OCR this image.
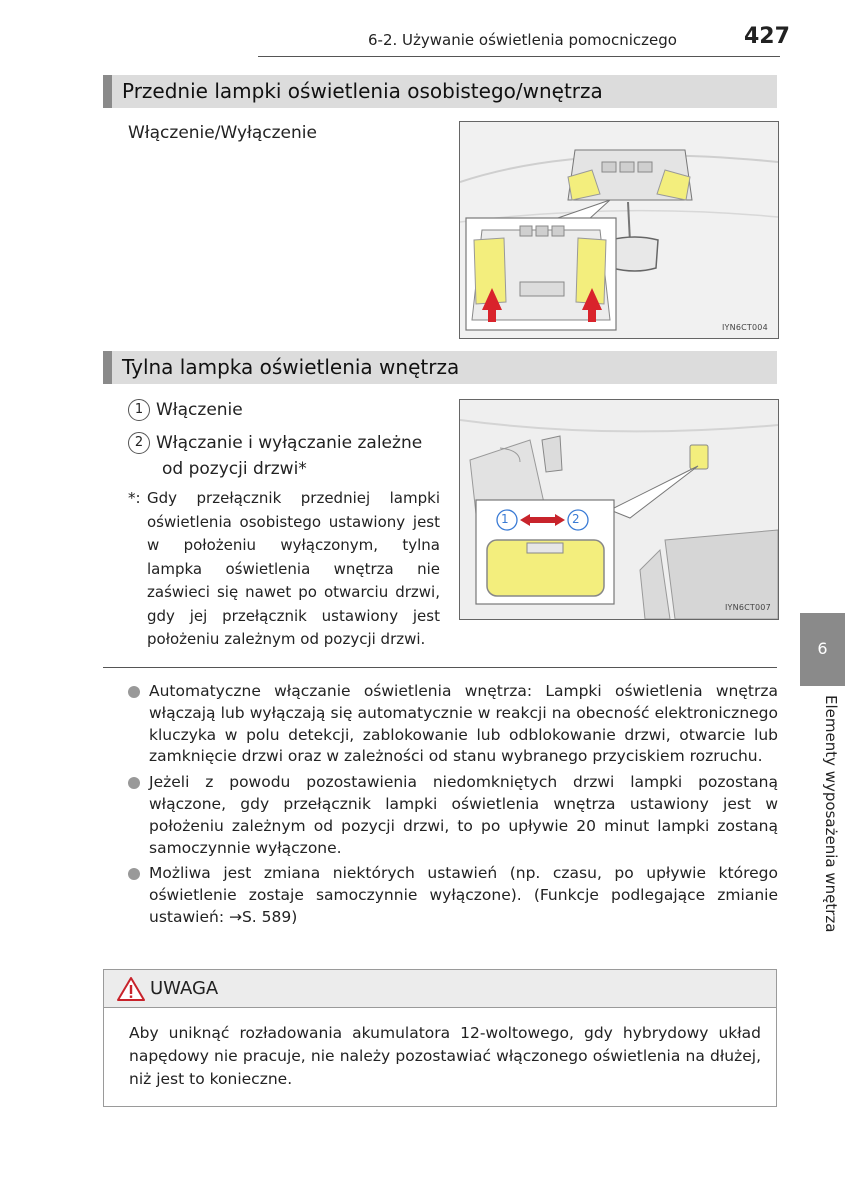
6-2. Używanie oświetlenia pomocniczego	427
Przednie lampki oświetlenia osobistego/wnętrza
Włączenie/Wyłączenie
IYN6CT004
Tylna lampka oświetlenia wnętrza
1 Włączenie
2 Włączanie i wyłączanie zależne
od pozycji drzwi*
*: Gdy przełącznik przedniej lampki oświetlenia osobistego ustawiony jest w położeniu wyłączonym, tylna lampka oświetlenia wnętrza nie zaświeci się nawet po otwarciu drzwi, gdy jej przełącznik ustawiony jest położeniu zależnym od pozycji drzwi.
IYN6CT007
1	2
Automatyczne włączanie oświetlenia wnętrza: Lampki oświetlenia wnętrza włączają lub wyłączają się automatycznie w reakcji na obecność elektronicznego kluczyka w polu detekcji, zablokowanie lub odblokowanie drzwi, otwarcie lub zamknięcie drzwi oraz w zależności od stanu wybranego przyciskiem rozruchu.
Jeżeli z powodu pozostawienia niedomkniętych drzwi lampki pozostaną włączone, gdy przełącznik lampki oświetlenia wnętrza ustawiony jest w położeniu zależnym od pozycji drzwi, to po upływie 20 minut lampki zostaną samoczynnie wyłączone.
Możliwa jest zmiana niektórych ustawień (np. czasu, po upływie którego oświetlenie zostaje samoczynnie wyłączone). (Funkcje podlegające zmianie ustawień: →S. 589)
UWAGA
Aby uniknąć rozładowania akumulatora 12-woltowego, gdy hybrydowy układ napędowy nie pracuje, nie należy pozostawiać włączonego oświetlenia na dłużej, niż jest to konieczne.
6
Elementy wyposażenia wnętrza
